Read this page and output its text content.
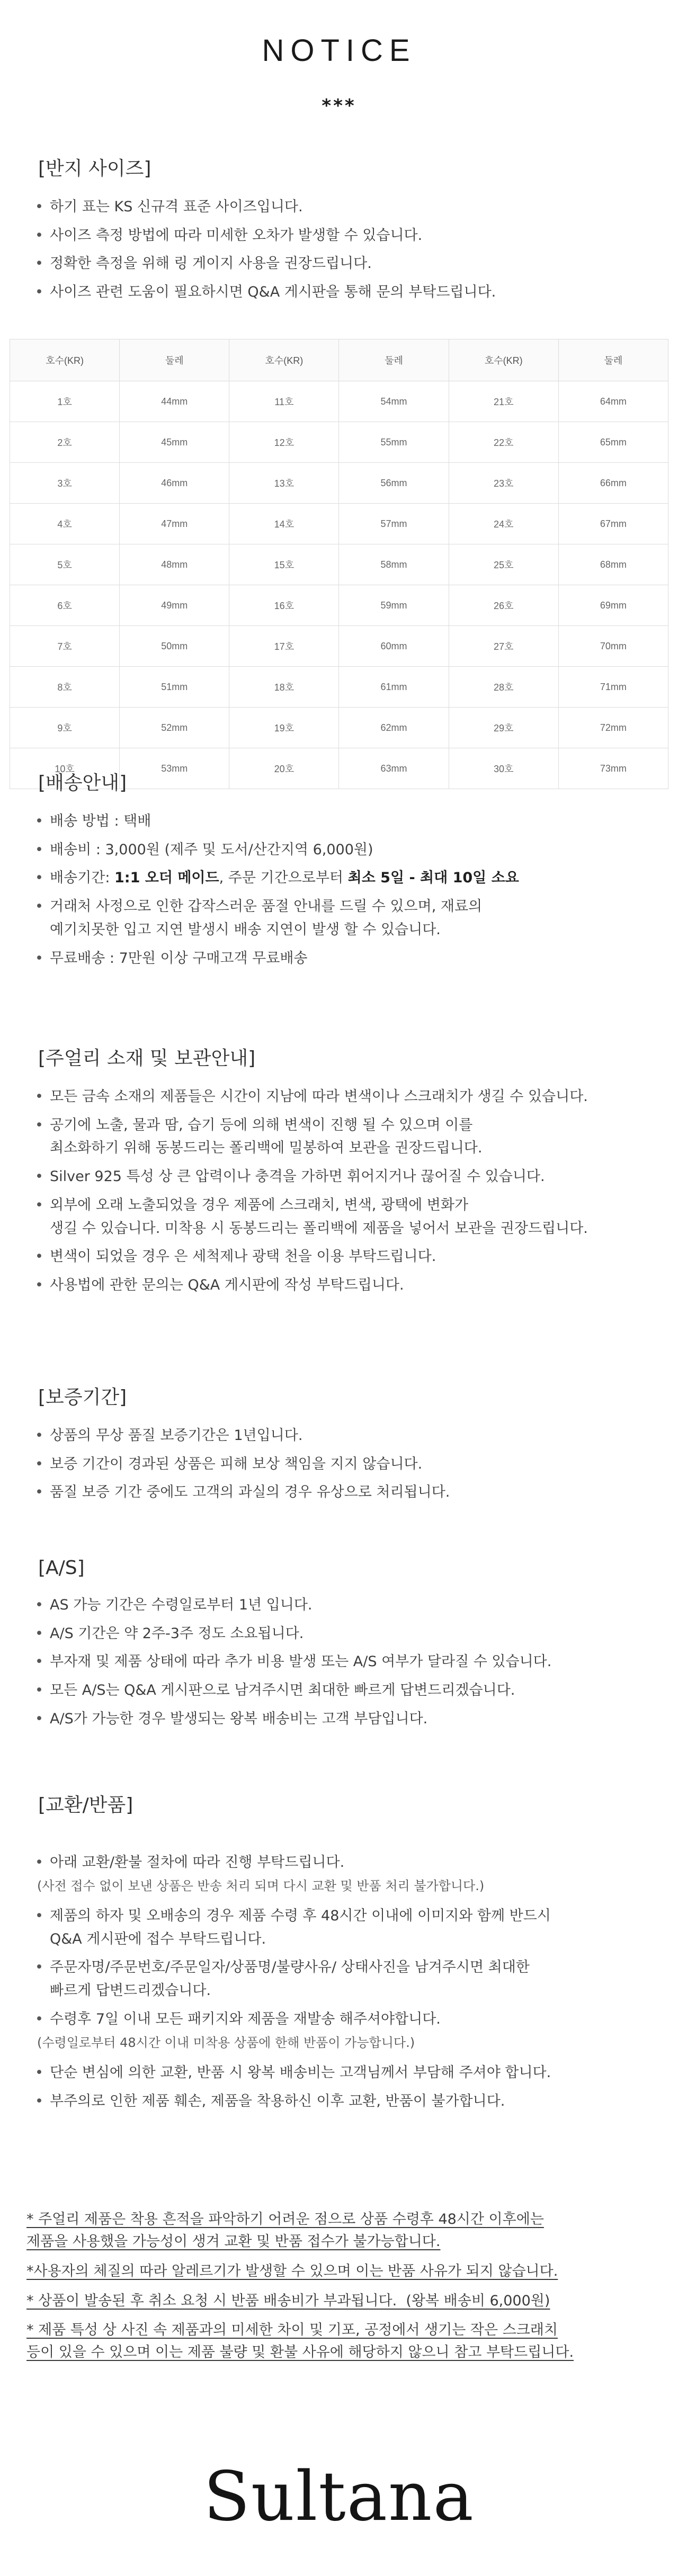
NOTICE
***
[반지 사이즈]
• 하기 표는 KS 신규격 표준 사이즈입니다.
• 사이즈 측정 방법에 따라 미세한 오차가 발생할 수 있습니다.
• 정확한 측정을 위해 링 게이지 사용을 권장드립니다.
• 사이즈 관련 도움이 필요하시면 Q&A 게시판을 통해 문의 부탁드립니다.
호수(KR)	둘레	호수(KR)	둘레	호수(KR)	둘레
1호	44mm	11호	54mm	21호	64mm
2호	45mm	12호	55mm	22호	65mm
3호	46mm	13호	56mm	23호	66mm
4호	47mm	14호	57mm	24호	67mm
5호	48mm	15호	58mm	25호	68mm
6호	49mm	16호	59mm	26호	69mm
7호	50mm	17호	60mm	27호	70mm
8호	51mm	18호	61mm	28호	71mm
9호	52mm	19호	62mm	29호	72mm
10호	53mm	20호	63mm	30호	73mm
[배송안내]
• 배송 방법 : 택배
• 배송비 : 3,000원 (제주 및 도서/산간지역 6,000원)
• 배송기간: 1:1 오더 메이드, 주문 기간으로부터 최소 5일 - 최대 10일 소요
• 거래처 사정으로 인한 갑작스러운 품절 안내를 드릴 수 있으며, 재료의
예기치못한 입고 지연 발생시 배송 지연이 발생 할 수 있습니다.
• 무료배송 : 7만원 이상 구매고객 무료배송
[주얼리 소재 및 보관안내]
• 모든 금속 소재의 제품들은 시간이 지남에 따라 변색이나 스크래치가 생길 수 있습니다.
• 공기에 노출, 물과 땀, 습기 등에 의해 변색이 진행 될 수 있으며 이를
최소화하기 위해 동봉드리는 폴리백에 밀봉하여 보관을 권장드립니다.
• Silver 925 특성 상 큰 압력이나 충격을 가하면 휘어지거나 끊어질 수 있습니다.
• 외부에 오래 노출되었을 경우 제품에 스크래치, 변색, 광택에 변화가
생길 수 있습니다. 미착용 시 동봉드리는 폴리백에 제품을 넣어서 보관을 권장드립니다.
• 변색이 되었을 경우 은 세척제나 광택 천을 이용 부탁드립니다.
• 사용법에 관한 문의는 Q&A 게시판에 작성 부탁드립니다.
[보증기간]
• 상품의 무상 품질 보증기간은 1년입니다.
• 보증 기간이 경과된 상품은 피해 보상 책임을 지지 않습니다.
• 품질 보증 기간 중에도 고객의 과실의 경우 유상으로 처리됩니다.
[A/S]
• AS 가능 기간은 수령일로부터 1년 입니다.
• A/S 기간은 약 2주-3주 정도 소요됩니다.
• 부자재 및 제품 상태에 따라 추가 비용 발생 또는 A/S 여부가 달라질 수 있습니다.
• 모든 A/S는 Q&A 게시판으로 남겨주시면 최대한 빠르게 답변드리겠습니다.
• A/S가 가능한 경우 발생되는 왕복 배송비는 고객 부담입니다.
[교환/반품]
• 아래 교환/환불 절차에 따라 진행 부탁드립니다.
(사전 접수 없이 보낸 상품은 반송 처리 되며 다시 교환 및 반품 처리 불가합니다.)
• 제품의 하자 및 오배송의 경우 제품 수령 후 48시간 이내에 이미지와 함께 반드시
Q&A 게시판에 접수 부탁드립니다.
• 주문자명/주문번호/주문일자/상품명/불량사유/ 상태사진을 남겨주시면 최대한
빠르게 답변드리겠습니다.
• 수령후 7일 이내 모든 패키지와 제품을 재발송 해주셔야합니다.
(수령일로부터 48시간 이내 미착용 상품에 한해 반품이 가능합니다.)
• 단순 변심에 의한 교환, 반품 시 왕복 배송비는 고객님께서 부담해 주셔야 합니다.
• 부주의로 인한 제품 훼손, 제품을 착용하신 이후 교환, 반품이 불가합니다.

* 주얼리 제품은 착용 흔적을 파악하기 어려운 점으로 상품 수령후 48시간 이후에는
제품을 사용했을 가능성이 생겨 교환 및 반품 접수가 불가능합니다.

*사용자의 체질의 따라 알레르기가 발생할 수 있으며 이는 반품 사유가 되지 않습니다.

* 상품이 발송된 후 취소 요청 시 반품 배송비가 부과됩니다.  (왕복 배송비 6,000원)

* 제품 특성 상 사진 속 제품과의 미세한 차이 및 기포, 공정에서 생기는 작은 스크래치
등이 있을 수 있으며 이는 제품 불량 및 환불 사유에 해당하지 않으니 참고 부탁드립니다.

Sultana
